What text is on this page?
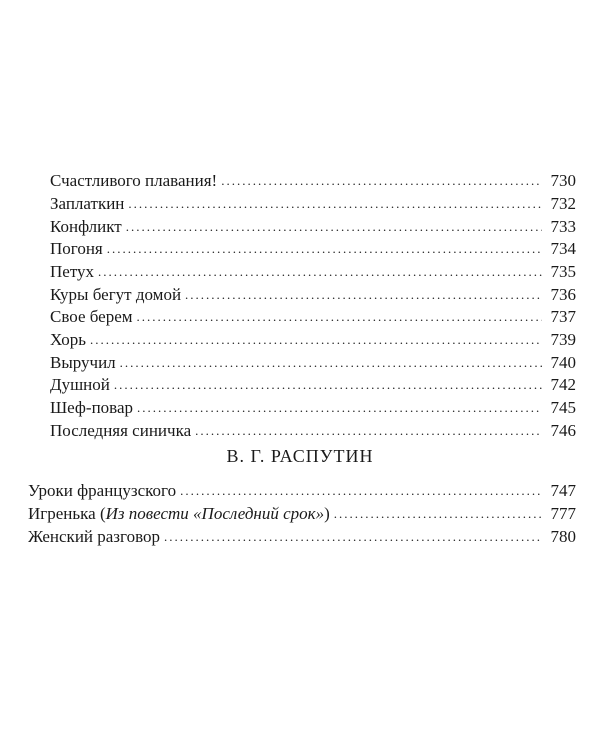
Счастливого плавания! .....	730
Заплаткин .....	732
Конфликт .....	733
Погоня .....	734
Петух .....	735
Куры бегут домой .....	736
Свое берем .....	737
Хорь .....	739
Выручил .....	740
Душной .....	742
Шеф-повар .....	745
Последняя синичка .....	746
В. Г. РАСПУТИН
Уроки французского .....	747
Игренька (Из повести «Последний срок») .....	777
Женский разговор .....	780
